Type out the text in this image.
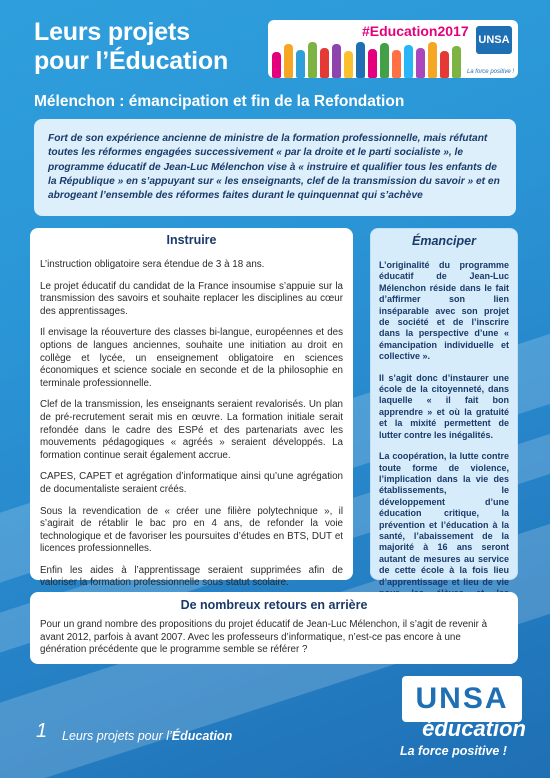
Leurs projets
pour l’Éducation
#Education2017
UNSA
La force positive !
Mélenchon : émancipation et fin de la Refondation
Fort de son expérience ancienne de ministre de la formation professionnelle, mais réfutant toutes les réformes engagées successivement « par la droite et le parti socialiste », le programme éducatif de Jean-Luc Mélenchon vise à « instruire et qualifier tous les enfants de la République » en s’appuyant sur « les enseignants, clef de la transmission du savoir » et en abrogeant l’ensemble des réformes faites durant le quinquennat qui s’achève
Instruire

L’instruction obligatoire sera étendue de 3 à 18 ans.

Le projet éducatif du candidat de la France insoumise s’appuie sur la transmission des savoirs et souhaite replacer les disciplines au cœur des apprentissages.

Il envisage la réouverture des classes bi-langue, européennes et des options de langues anciennes, souhaite une initiation au droit en collège et lycée, un enseignement obligatoire en sciences économiques et science sociale en seconde et de la philosophie en terminale professionnelle.

Clef de la transmission, les enseignants seraient revalorisés. Un plan de pré-recrutement serait mis en œuvre. La formation initiale serait refondée dans le cadre des ESPé et des partenariats avec les mouvements pédagogiques « agréés » seraient développés. La formation continue serait également accrue.

CAPES, CAPET et agrégation d’informatique ainsi qu’une agrégation de documentaliste seraient créés.

Sous la revendication de « créer une filière polytechnique », il s’agirait de rétablir le bac pro en 4 ans, de refonder la voie technologique et de favoriser les poursuites d’études en BTS, DUT et licences professionnelles.

Enfin les aides à l’apprentissage seraient supprimées afin de valoriser la formation professionnelle sous statut scolaire.

Émanciper

L’originalité du programme éducatif de Jean-Luc Mélenchon réside dans le fait d’affirmer son lien inséparable avec son projet de société et de l’inscrire dans la perspective d’une « émancipation individuelle et collective ».

Il s’agit donc d’instaurer une école de la citoyenneté, dans laquelle « il fait bon apprendre » et où la gratuité et la mixité permettent de lutter contre les inégalités.

La coopération, la lutte contre toute forme de violence, l’implication dans la vie des établissements, le développement d’une éducation critique, la prévention et l’éducation à la santé, l’abaissement de la majorité à 16 ans seront autant de mesures au service de cette école à la fois lieu d’apprentissage et lieu de vie

De nombreux retours en arrière

Pour un grand nombre des propositions du projet éducatif de Jean-Luc Mélenchon, il s’agit de revenir à avant 2012, parfois à avant 2007. Avec les professeurs d’informatique, n’est-ce pas encore à une génération précédente que le programme semble se référer ?

1 Leurs projets pour l’Éducation
UNSA
éducation
La force positive !
